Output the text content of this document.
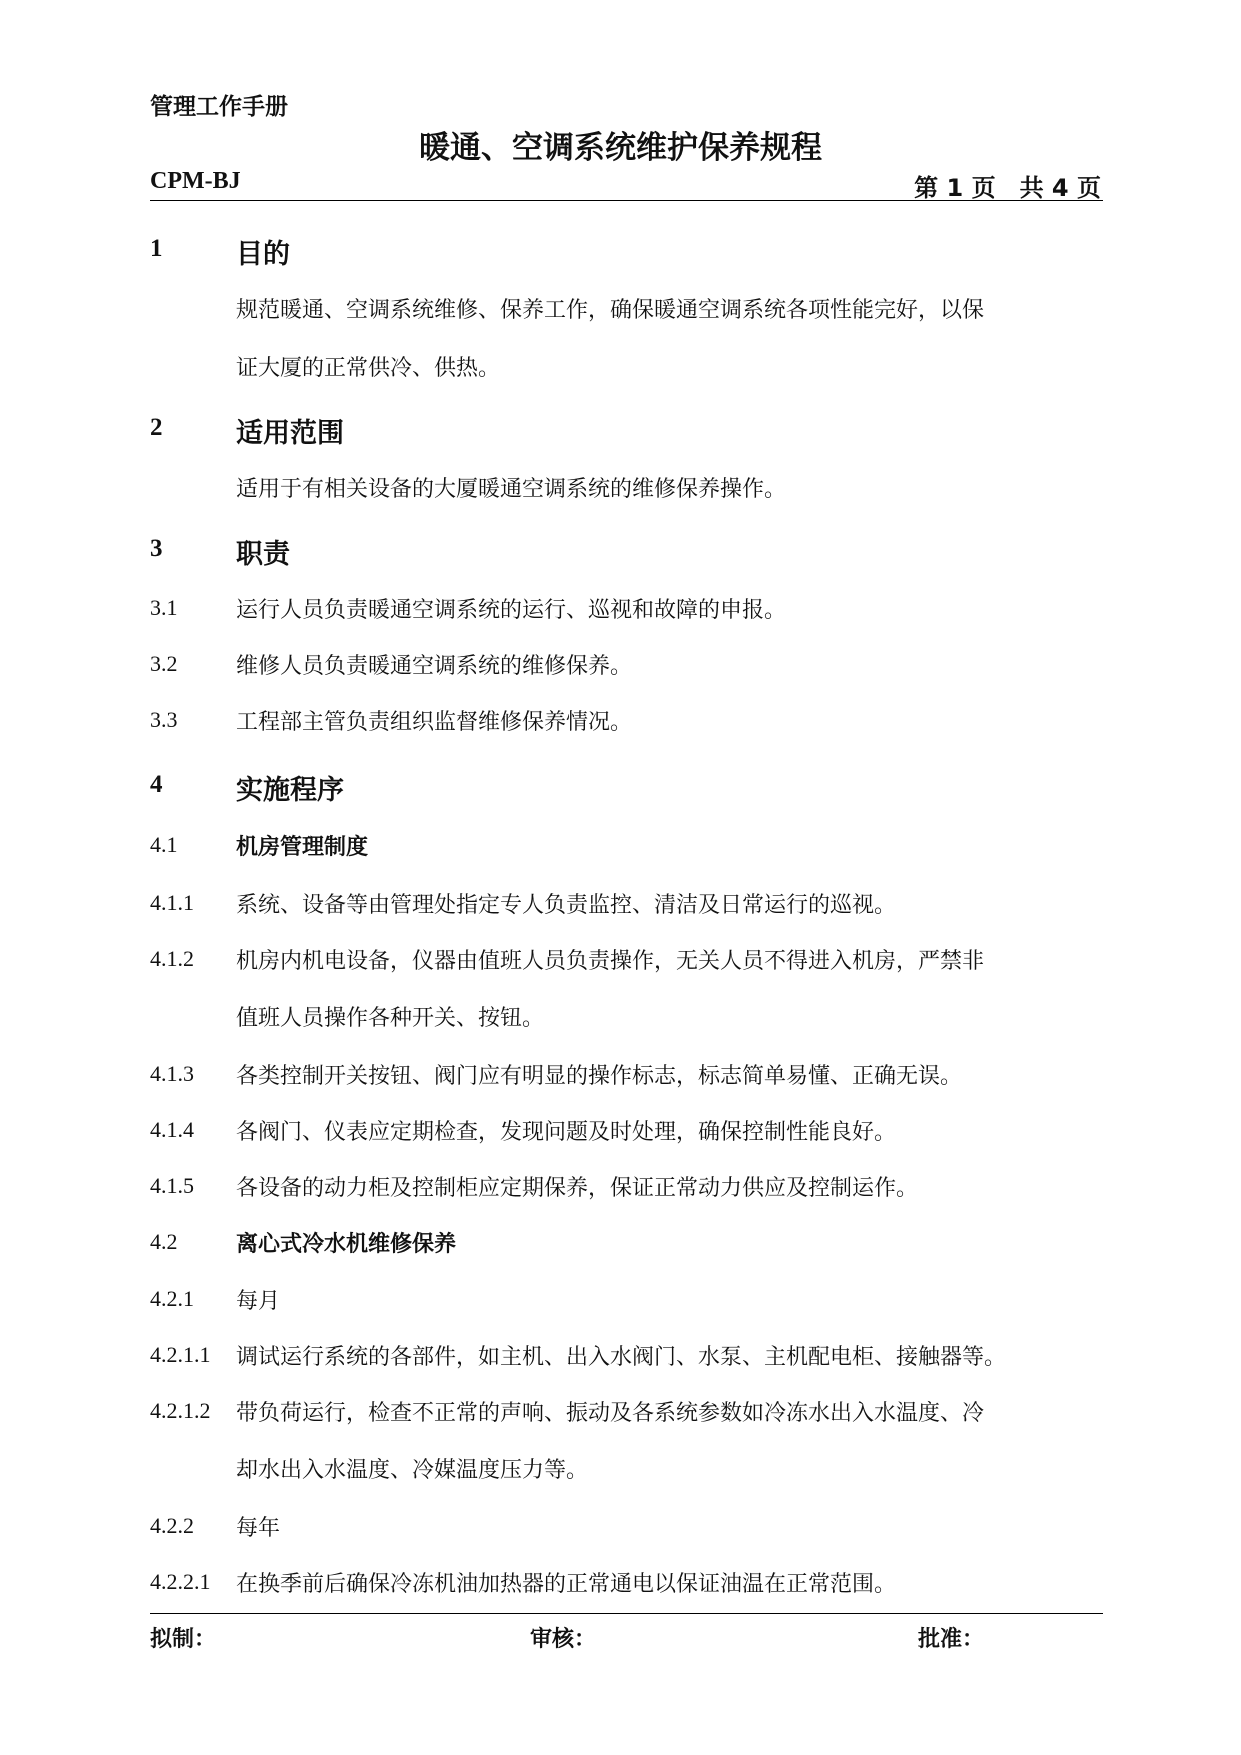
管理工作手册
暖通、空调系统维护保养规程
CPM-BJ	第 1 页　共 4 页
1	目的
规范暖通、空调系统维修、保养工作，确保暖通空调系统各项性能完好，以保
证大厦的正常供冷、供热。
2	适用范围
适用于有相关设备的大厦暖通空调系统的维修保养操作。
3	职责
3.1	运行人员负责暖通空调系统的运行、巡视和故障的申报。
3.2	维修人员负责暖通空调系统的维修保养。
3.3	工程部主管负责组织监督维修保养情况。
4	实施程序
4.1	机房管理制度
4.1.1 系统、设备等由管理处指定专人负责监控、清洁及日常运行的巡视。
4.1.2 机房内机电设备，仪器由值班人员负责操作，无关人员不得进入机房，严禁非
值班人员操作各种开关、按钮。
4.1.3 各类控制开关按钮、阀门应有明显的操作标志，标志简单易懂、正确无误。
4.1.4 各阀门、仪表应定期检查，发现问题及时处理，确保控制性能良好。
4.1.5 各设备的动力柜及控制柜应定期保养，保证正常动力供应及控制运作。
4.2	离心式冷水机维修保养
4.2.1 每月
4.2.1.1 调试运行系统的各部件，如主机、出入水阀门、水泵、主机配电柜、接触器等。
4.2.1.2 带负荷运行，检查不正常的声响、振动及各系统参数如冷冻水出入水温度、冷
却水出入水温度、冷媒温度压力等。
4.2.2 每年
4.2.2.1 在换季前后确保冷冻机油加热器的正常通电以保证油温在正常范围。
拟制：	审核：	批准：
